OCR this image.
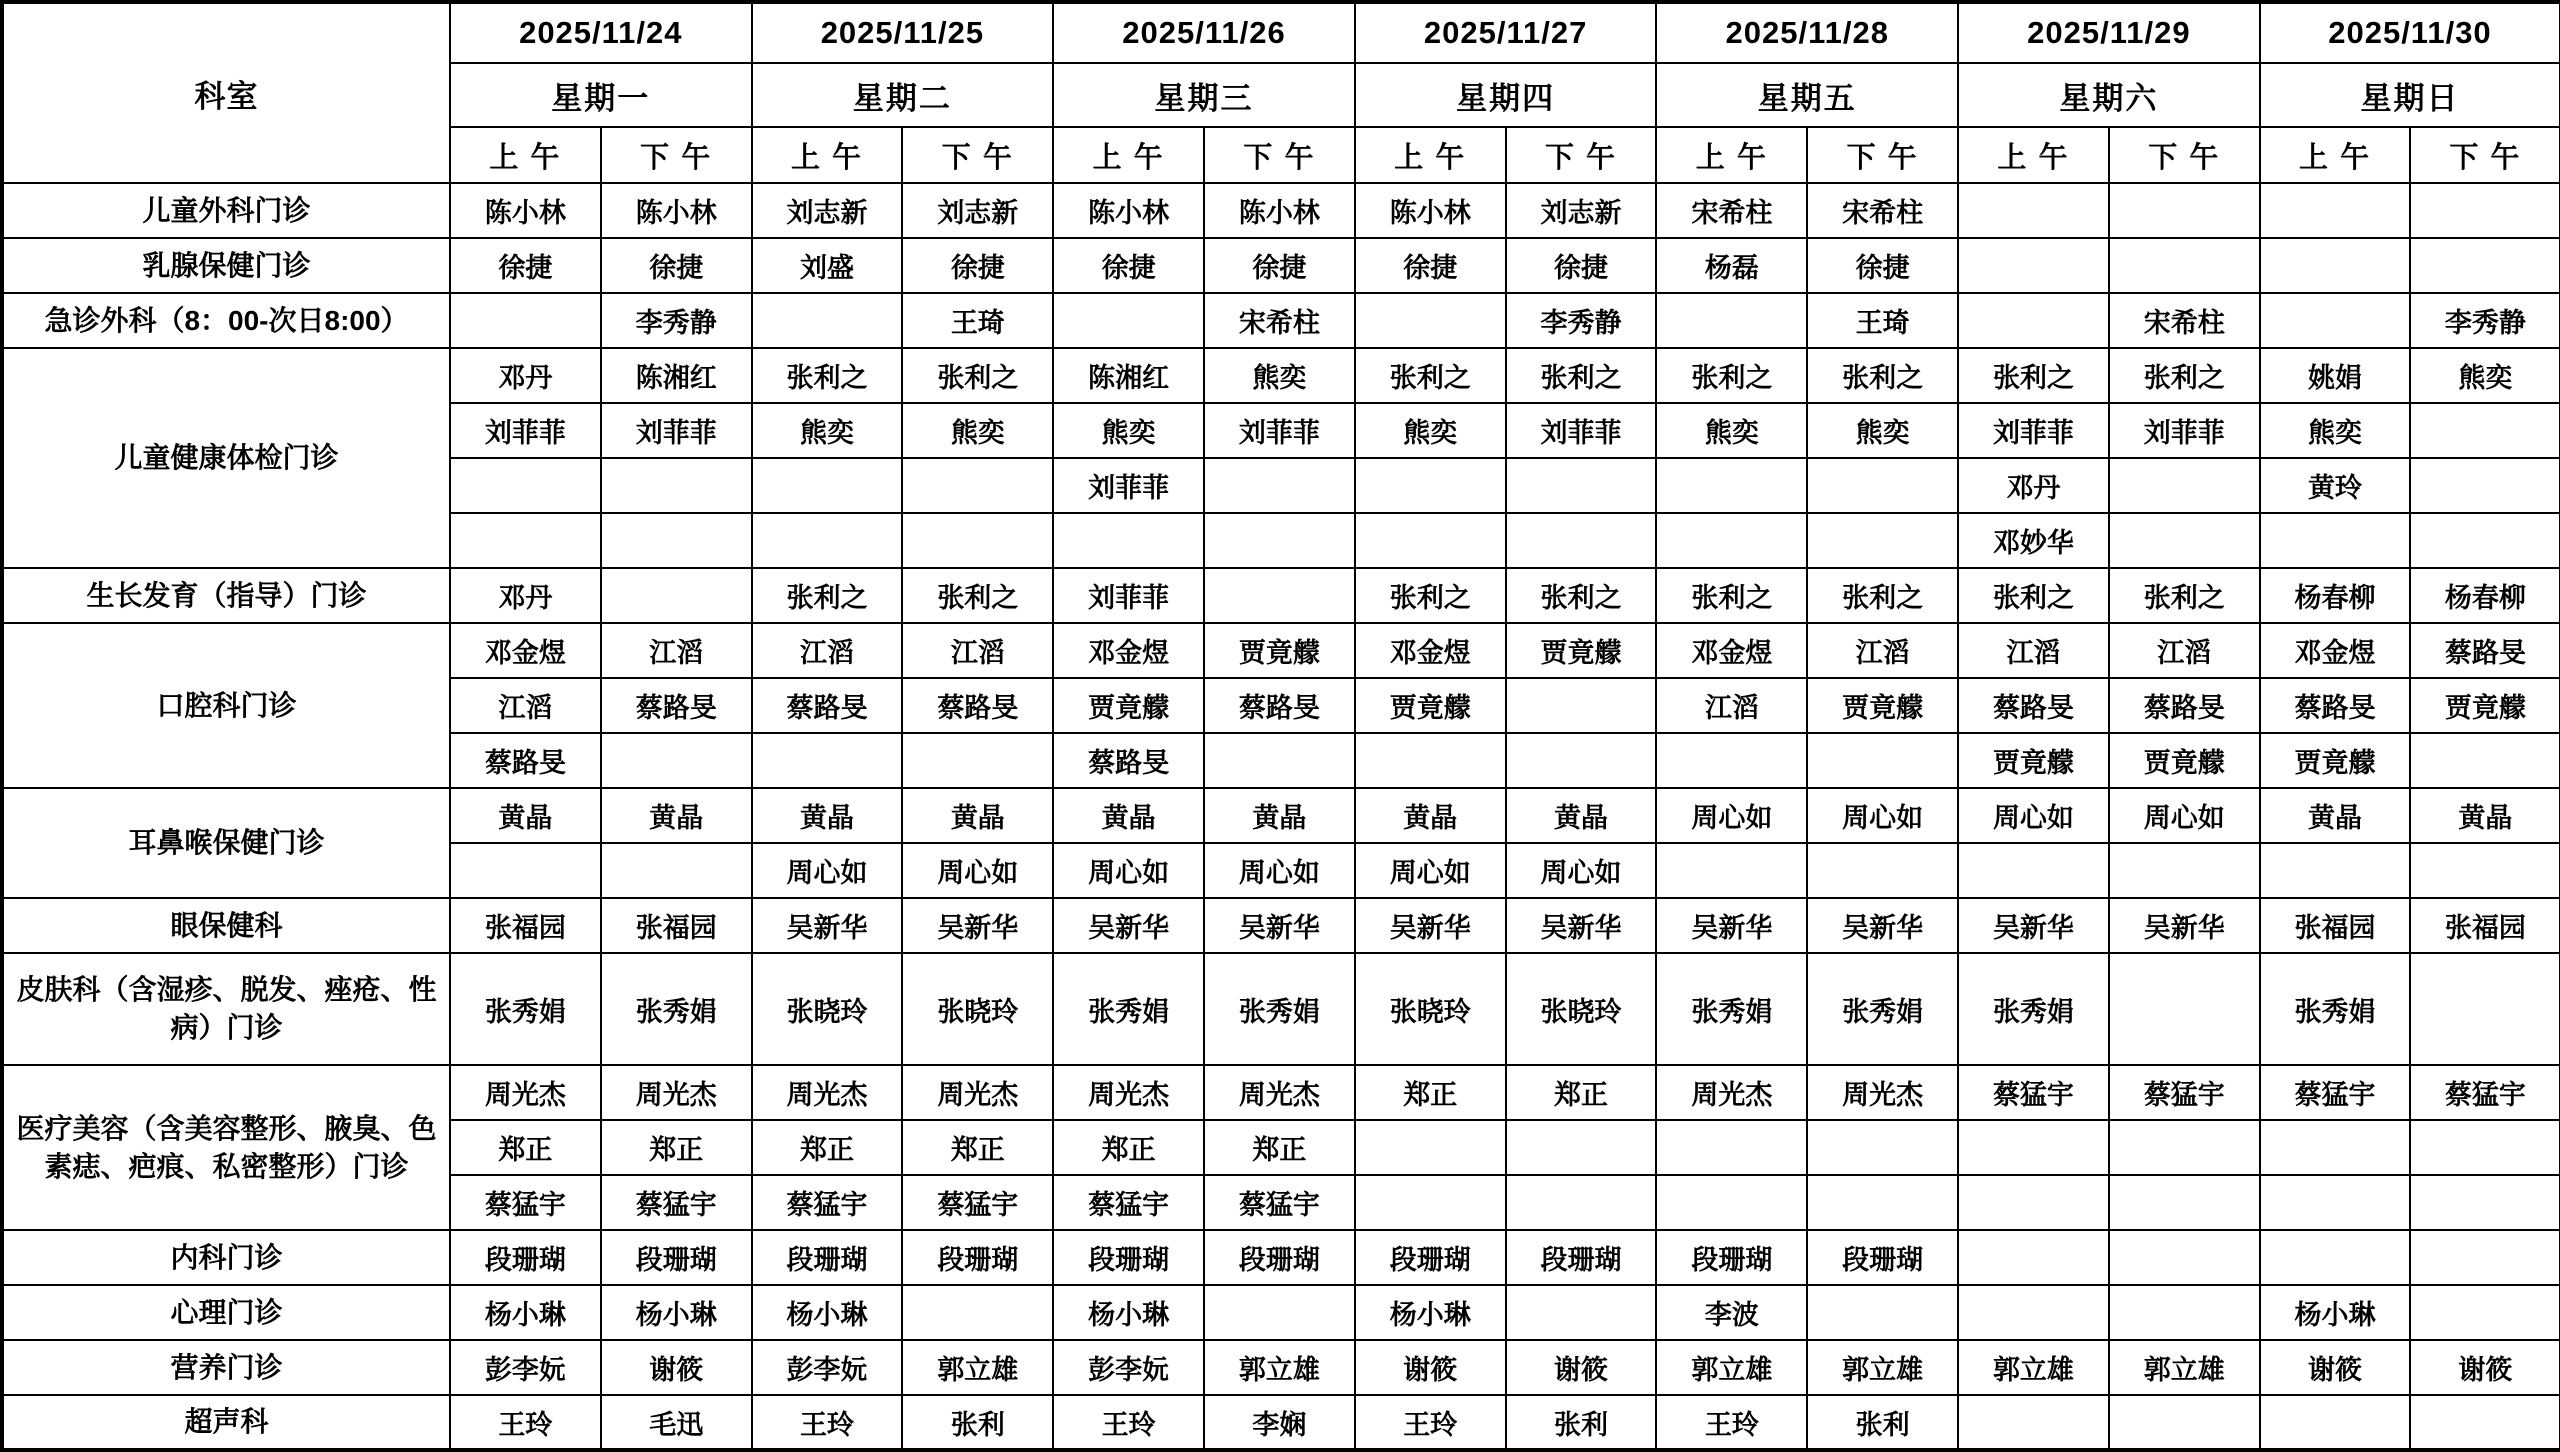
科室	2025/11/24		2025/11/25		2025/11/26		2025/11/27		2025/11/28		2025/11/29		2025/11/30	
	星期一		星期二		星期三		星期四		星期五		星期六		星期日	
	上 午	下 午	上 午	下 午	上 午	下 午	上 午	下 午	上 午	下 午	上 午	下 午	上 午	下 午
儿童外科门诊	陈小林	陈小林	刘志新	刘志新	陈小林	陈小林	陈小林	刘志新	宋希柱	宋希柱				
乳腺保健门诊	徐捷	徐捷	刘盛	徐捷	徐捷	徐捷	徐捷	徐捷	杨磊	徐捷				
急诊外科（8：00-次日8:00）		李秀静		王琦		宋希柱		李秀静		王琦		宋希柱		李秀静
儿童健康体检门诊	邓丹	陈湘红	张利之	张利之	陈湘红	熊奕	张利之	张利之	张利之	张利之	张利之	张利之	姚娟	熊奕
	刘菲菲	刘菲菲	熊奕	熊奕	熊奕	刘菲菲	熊奕	刘菲菲	熊奕	熊奕	刘菲菲	刘菲菲	熊奕	
					刘菲菲						邓丹		黄玲	
											邓妙华			
生长发育（指导）门诊	邓丹		张利之	张利之	刘菲菲		张利之	张利之	张利之	张利之	张利之	张利之	杨春柳	杨春柳
口腔科门诊	邓金煜	江滔	江滔	江滔	邓金煜	贾竟艨	邓金煜	贾竟艨	邓金煜	江滔	江滔	江滔	邓金煜	蔡路旻
	江滔	蔡路旻	蔡路旻	蔡路旻	贾竟艨	蔡路旻	贾竟艨		江滔	贾竟艨	蔡路旻	蔡路旻	蔡路旻	贾竟艨
	蔡路旻				蔡路旻						贾竟艨	贾竟艨	贾竟艨	
耳鼻喉保健门诊	黄晶	黄晶	黄晶	黄晶	黄晶	黄晶	黄晶	黄晶	周心如	周心如	周心如	周心如	黄晶	黄晶
			周心如	周心如	周心如	周心如	周心如	周心如						
眼保健科	张福园	张福园	吴新华	吴新华	吴新华	吴新华	吴新华	吴新华	吴新华	吴新华	吴新华	吴新华	张福园	张福园
皮肤科（含湿疹、脱发、痤疮、性病）门诊	张秀娟	张秀娟	张晓玲	张晓玲	张秀娟	张秀娟	张晓玲	张晓玲	张秀娟	张秀娟	张秀娟		张秀娟	
医疗美容（含美容整形、腋臭、色素痣、疤痕、私密整形）门诊	周光杰	周光杰	周光杰	周光杰	周光杰	周光杰	郑正	郑正	周光杰	周光杰	蔡猛宇	蔡猛宇	蔡猛宇	蔡猛宇
	郑正	郑正	郑正	郑正	郑正	郑正								
	蔡猛宇	蔡猛宇	蔡猛宇	蔡猛宇	蔡猛宇	蔡猛宇								
内科门诊	段珊瑚	段珊瑚	段珊瑚	段珊瑚	段珊瑚	段珊瑚	段珊瑚	段珊瑚	段珊瑚	段珊瑚				
心理门诊	杨小琳	杨小琳	杨小琳		杨小琳		杨小琳		李波				杨小琳	
营养门诊	彭李妧	谢筱	彭李妧	郭立雄	彭李妧	郭立雄	谢筱	谢筱	郭立雄	郭立雄	郭立雄	郭立雄	谢筱	谢筱
超声科	王玲	毛迅	王玲	张利	王玲	李娴	王玲	张利	王玲	张利				
